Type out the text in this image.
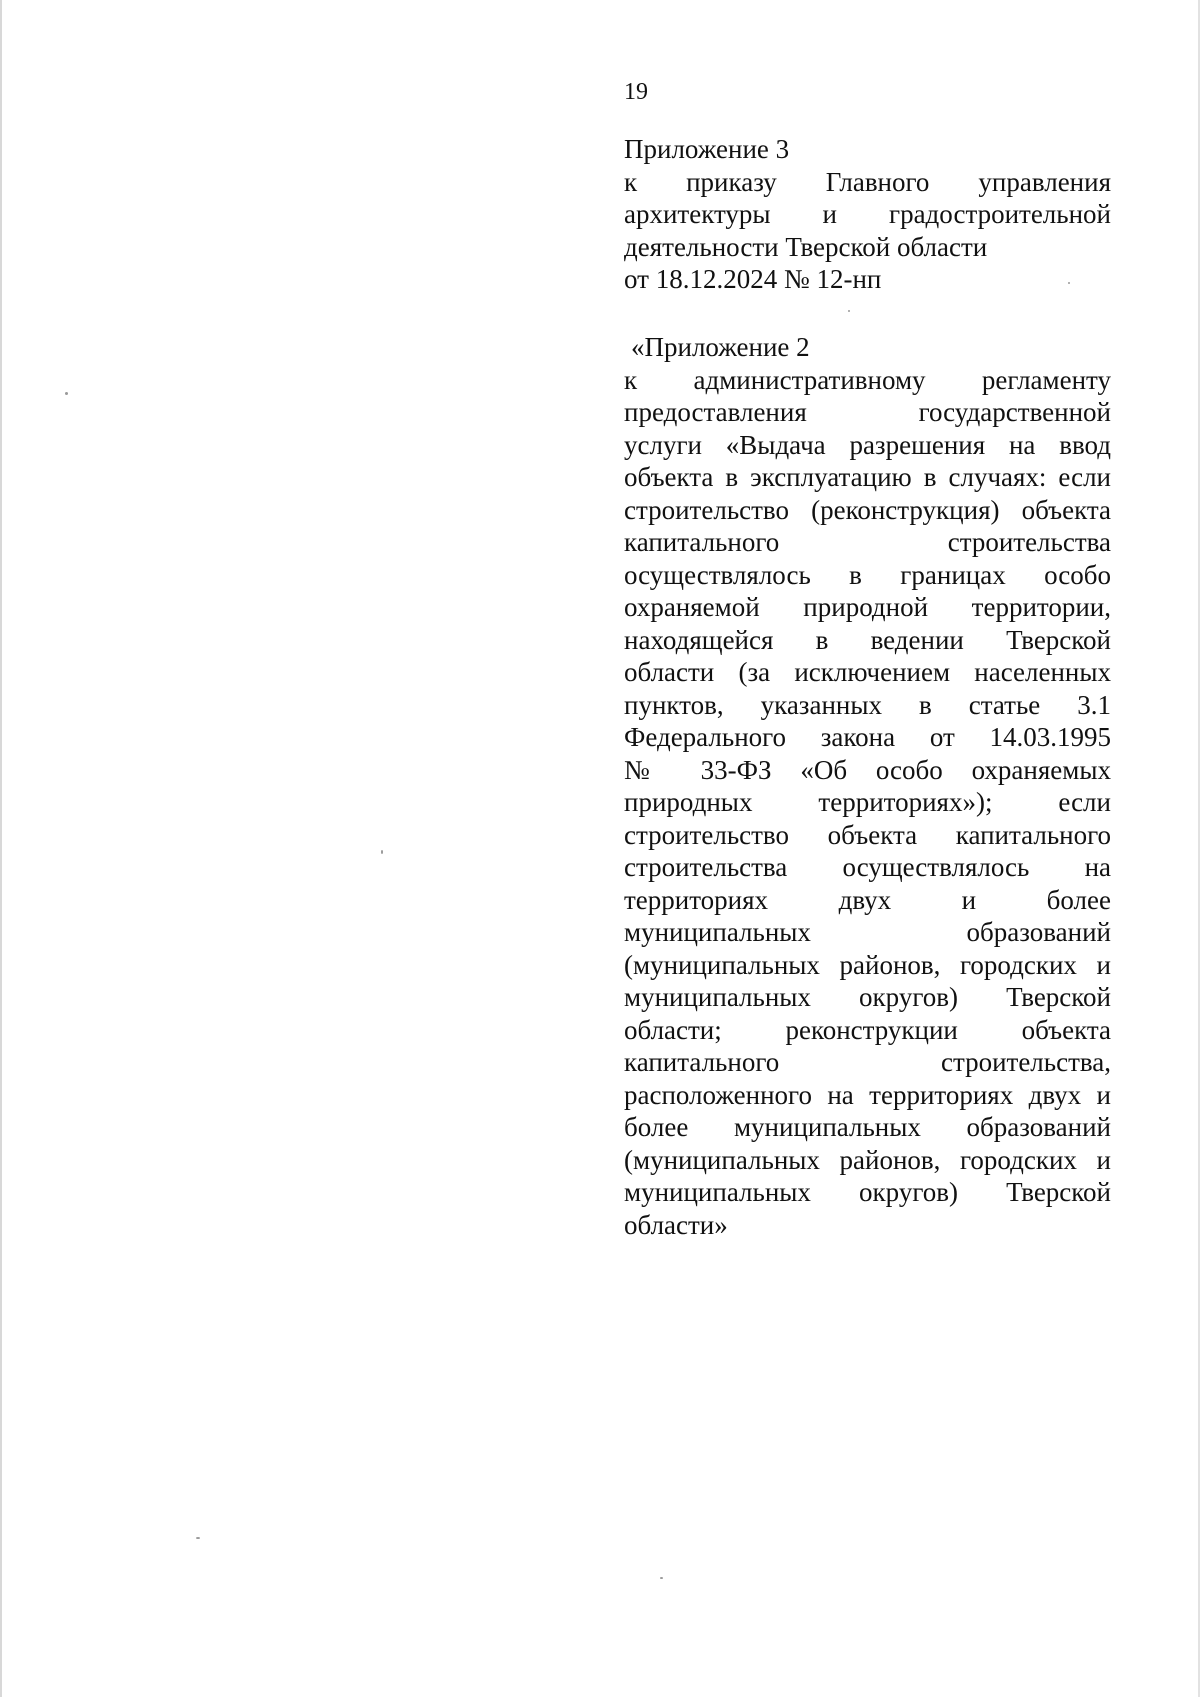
19
Приложение 3
к приказу Главного управления
архитектуры и градостроительной
деятельности Тверской области
от 18.12.2024 № 12-нп
«Приложение 2
к административному регламенту
предоставления государственной
услуги «Выдача разрешения на ввод
объекта в эксплуатацию в случаях: если
строительство (реконструкция) объекта
капитального строительства
осуществлялось в границах особо
охраняемой природной территории,
находящейся в ведении Тверской
области (за исключением населенных
пунктов, указанных в статье 3.1
Федерального закона от 14.03.1995
№ 33-ФЗ «Об особо охраняемых
природных территориях»); если
строительство объекта капитального
строительства осуществлялось на
территориях двух и более
муниципальных образований
(муниципальных районов, городских и
муниципальных округов) Тверской
области; реконструкции объекта
капитального строительства,
расположенного на территориях двух и
более муниципальных образований
(муниципальных районов, городских и
муниципальных округов) Тверской
области»
